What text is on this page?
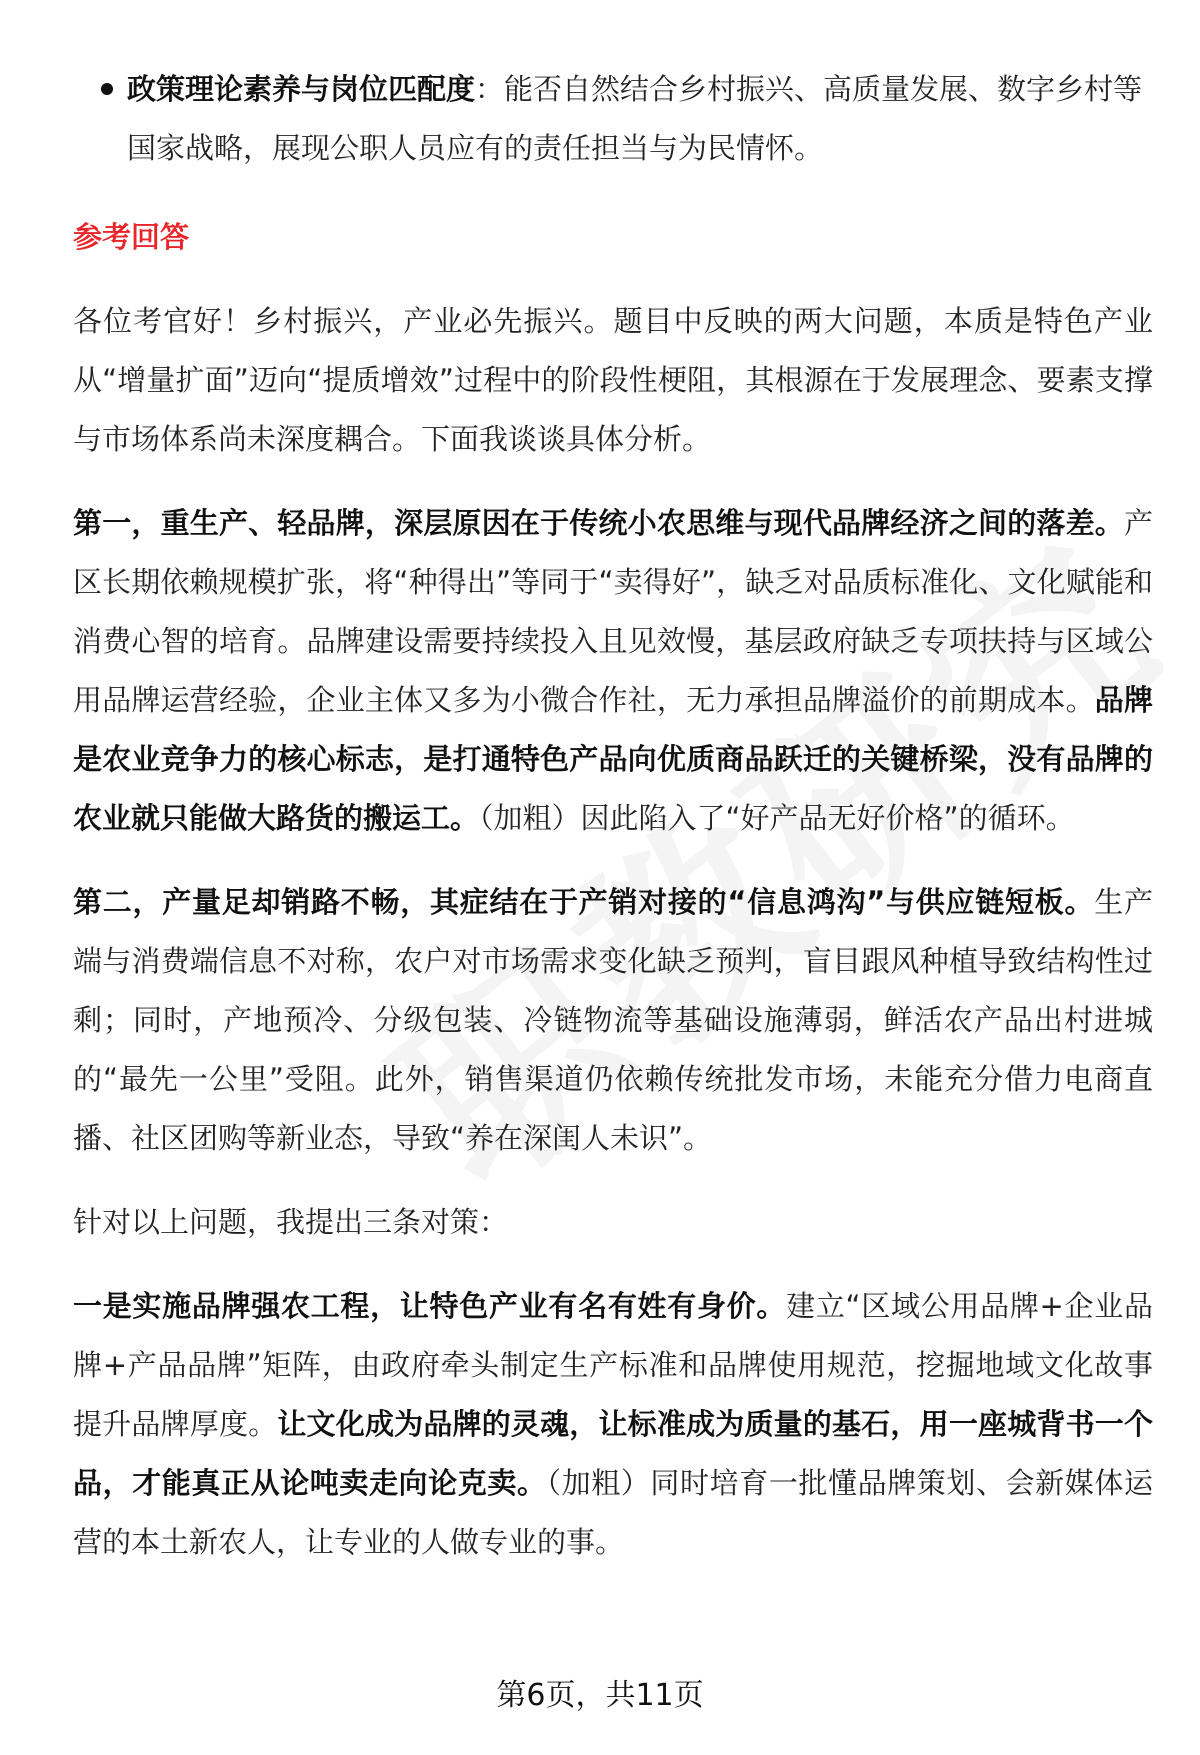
政策理论素养与岗位匹配度：能否自然结合乡村振兴、高质量发展、数字乡村等国家战略，展现公职人员应有的责任担当与为民情怀。
参考回答

各位考官好！乡村振兴，产业必先振兴。题目中反映的两大问题，本质是特色产业从“增量扩面”迈向“提质增效”过程中的阶段性梗阻，其根源在于发展理念、要素支撑与市场体系尚未深度耦合。下面我谈谈具体分析。

第一，重生产、轻品牌，深层原因在于传统小农思维与现代品牌经济之间的落差。产区长期依赖规模扩张，将“种得出”等同于“卖得好”，缺乏对品质标准化、文化赋能和消费心智的培育。品牌建设需要持续投入且见效慢，基层政府缺乏专项扶持与区域公用品牌运营经验，企业主体又多为小微合作社，无力承担品牌溢价的前期成本。品牌是农业竞争力的核心标志，是打通特色产品向优质商品跃迁的关键桥梁，没有品牌的农业就只能做大路货的搬运工。（加粗）因此陷入了“好产品无好价格”的循环。

第二，产量足却销路不畅，其症结在于产销对接的“信息鸿沟”与供应链短板。生产端与消费端信息不对称，农户对市场需求变化缺乏预判，盲目跟风种植导致结构性过剩；同时，产地预冷、分级包装、冷链物流等基础设施薄弱，鲜活农产品出村进城的“最先一公里”受阻。此外，销售渠道仍依赖传统批发市场，未能充分借力电商直播、社区团购等新业态，导致“养在深闺人未识”。

针对以上问题，我提出三条对策：

一是实施品牌强农工程，让特色产业有名有姓有身价。建立“区域公用品牌+企业品牌+产品品牌”矩阵，由政府牵头制定生产标准和品牌使用规范，挖掘地域文化故事提升品牌厚度。让文化成为品牌的灵魂，让标准成为质量的基石，用一座城背书一个品，才能真正从论吨卖走向论克卖。（加粗）同时培育一批懂品牌策划、会新媒体运营的本土新农人，让专业的人做专业的事。

第6页，共11页
